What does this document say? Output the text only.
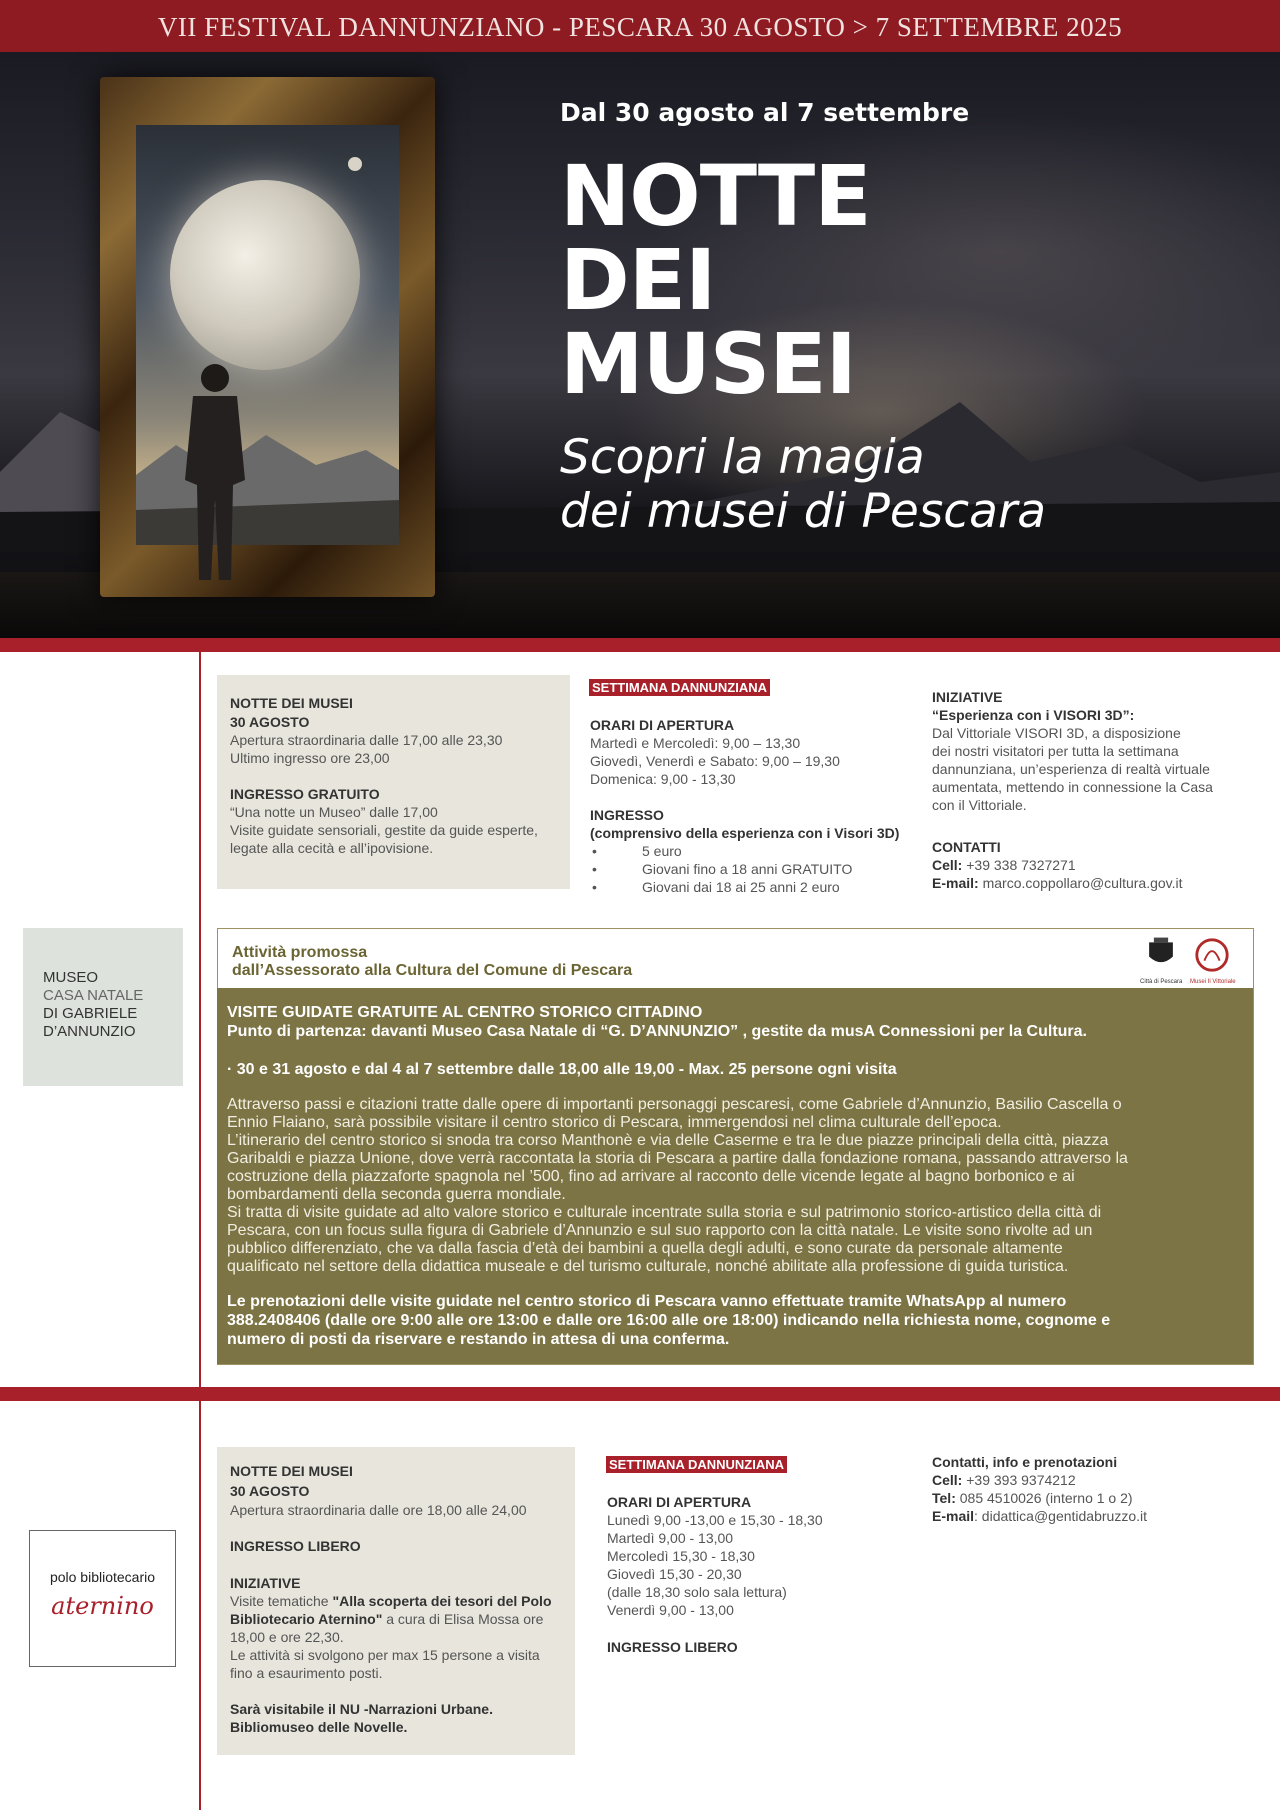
VII FESTIVAL DANNUNZIANO - PESCARA 30 AGOSTO > 7 SETTEMBRE 2025
Dal 30 agosto al 7 settembre
NOTTE
DEI
MUSEI
Scopri la magia
dei musei di Pescara
NOTTE DEI MUSEI
30 AGOSTO
Apertura straordinaria dalle 17,00 alle 23,30
Ultimo ingresso ore 23,00
INGRESSO GRATUITO
“Una notte un Museo” dalle 17,00
Visite guidate sensoriali, gestite da guide esperte,
legate alla cecità e all’ipovisione.
SETTIMANA DANNUNZIANA
ORARI DI APERTURA
Martedì e Mercoledì: 9,00 – 13,30
Giovedì, Venerdì e Sabato: 9,00 – 19,30
Domenica: 9,00 - 13,30
INGRESSO
(comprensivo della esperienza con i Visori 3D)
•	5 euro
•	Giovani fino a 18 anni GRATUITO
•	Giovani dai 18 ai 25 anni 2 euro
INIZIATIVE
“Esperienza con i VISORI 3D”:
Dal Vittoriale VISORI 3D, a disposizione
dei nostri visitatori per tutta la settimana
dannunziana, un’esperienza di realtà virtuale
aumentata, mettendo in connessione la Casa
con il Vittoriale.
CONTATTI
Cell: +39 338 7327271
E-mail: marco.coppollaro@cultura.gov.it
MUSEO
CASA NATALE
DI GABRIELE
D’ANNUNZIO
Attività promossa
dall’Assessorato alla Cultura del Comune di Pescara
Città di Pescara Musei Il Vittoriale
VISITE GUIDATE GRATUITE AL CENTRO STORICO CITTADINO
Punto di partenza: davanti Museo Casa Natale di “G. D’ANNUNZIO” , gestite da musA Connessioni per la Cultura.
· 30 e 31 agosto e dal 4 al 7 settembre dalle 18,00 alle 19,00 - Max. 25 persone ogni visita
Attraverso passi e citazioni tratte dalle opere di importanti personaggi pescaresi, come Gabriele d’Annunzio, Basilio Cascella o
Ennio Flaiano, sarà possibile visitare il centro storico di Pescara, immergendosi nel clima culturale dell’epoca.
L’itinerario del centro storico si snoda tra corso Manthonè e via delle Caserme e tra le due piazze principali della città, piazza
Garibaldi e piazza Unione, dove verrà raccontata la storia di Pescara a partire dalla fondazione romana, passando attraverso la
costruzione della piazzaforte spagnola nel ’500, fino ad arrivare al racconto delle vicende legate al bagno borbonico e ai
bombardamenti della seconda guerra mondiale.
Si tratta di visite guidate ad alto valore storico e culturale incentrate sulla storia e sul patrimonio storico-artistico della città di
Pescara, con un focus sulla figura di Gabriele d’Annunzio e sul suo rapporto con la città natale. Le visite sono rivolte ad un
pubblico differenziato, che va dalla fascia d’età dei bambini a quella degli adulti, e sono curate da personale altamente
qualificato nel settore della didattica museale e del turismo culturale, nonché abilitate alla professione di guida turistica.
Le prenotazioni delle visite guidate nel centro storico di Pescara vanno effettuate tramite WhatsApp al numero
388.2408406 (dalle ore 9:00 alle ore 13:00 e dalle ore 16:00 alle ore 18:00) indicando nella richiesta nome, cognome e
numero di posti da riservare e restando in attesa di una conferma.
polo bibliotecario
aternino
NOTTE DEI MUSEI
30 AGOSTO
Apertura straordinaria dalle ore 18,00 alle 24,00
INGRESSO LIBERO
INIZIATIVE
Visite tematiche "Alla scoperta dei tesori del Polo
Bibliotecario Aternino" a cura di Elisa Mossa ore
18,00 e ore 22,30.
Le attività si svolgono per max 15 persone a visita
fino a esaurimento posti.
Sarà visitabile il NU -Narrazioni Urbane.
Bibliomuseo delle Novelle.
SETTIMANA DANNUNZIANA
ORARI DI APERTURA
Lunedì 9,00 -13,00 e 15,30 - 18,30
Martedì 9,00 - 13,00
Mercoledì 15,30 - 18,30
Giovedì 15,30 - 20,30
(dalle 18,30 solo sala lettura)
Venerdì 9,00 - 13,00
INGRESSO LIBERO
Contatti, info e prenotazioni
Cell: +39 393 9374212
Tel: 085 4510026 (interno 1 o 2)
E-mail: didattica@gentidabruzzo.it
